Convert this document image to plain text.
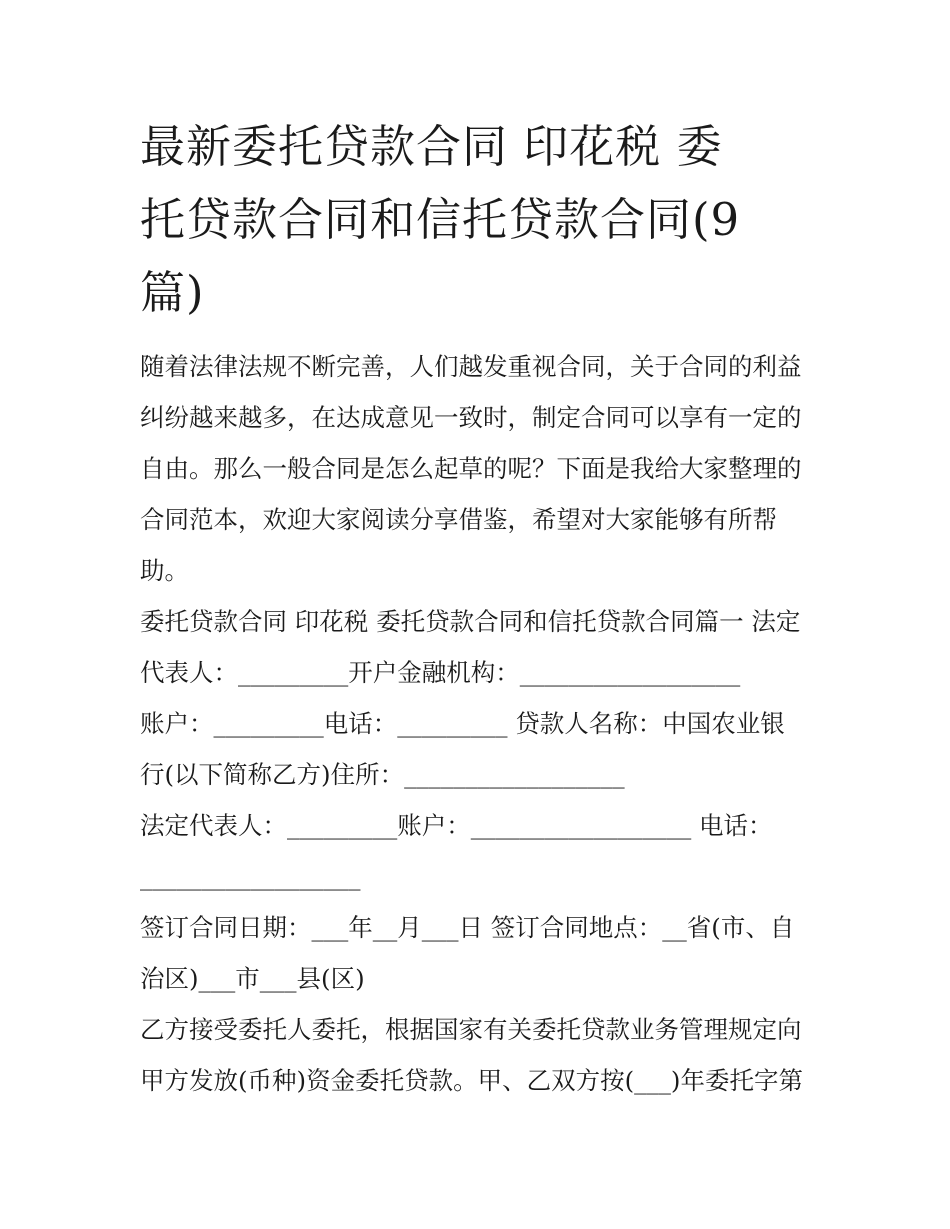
最新委托贷款合同 印花税 委
托贷款合同和信托贷款合同(9
篇)
随着法律法规不断完善，人们越发重视合同，关于合同的利益
纠纷越来越多，在达成意见一致时，制定合同可以享有一定的
自由。那么一般合同是怎么起草的呢？下面是我给大家整理的
合同范本，欢迎大家阅读分享借鉴，希望对大家能够有所帮
助。
委托贷款合同 印花税 委托贷款合同和信托贷款合同篇一 法定
代表人：_________开户金融机构：__________________
账户：_________电话：_________ 贷款人名称：中国农业银
行(以下简称乙方)住所：__________________
法定代表人：_________账户：__________________ 电话：
__________________
签订合同日期：___年__月___日 签订合同地点：__省(市、自
治区)___市___县(区)
乙方接受委托人委托，根据国家有关委托贷款业务管理规定向
甲方发放(币种)资金委托贷款。甲、乙双方按(___)年委托字第
